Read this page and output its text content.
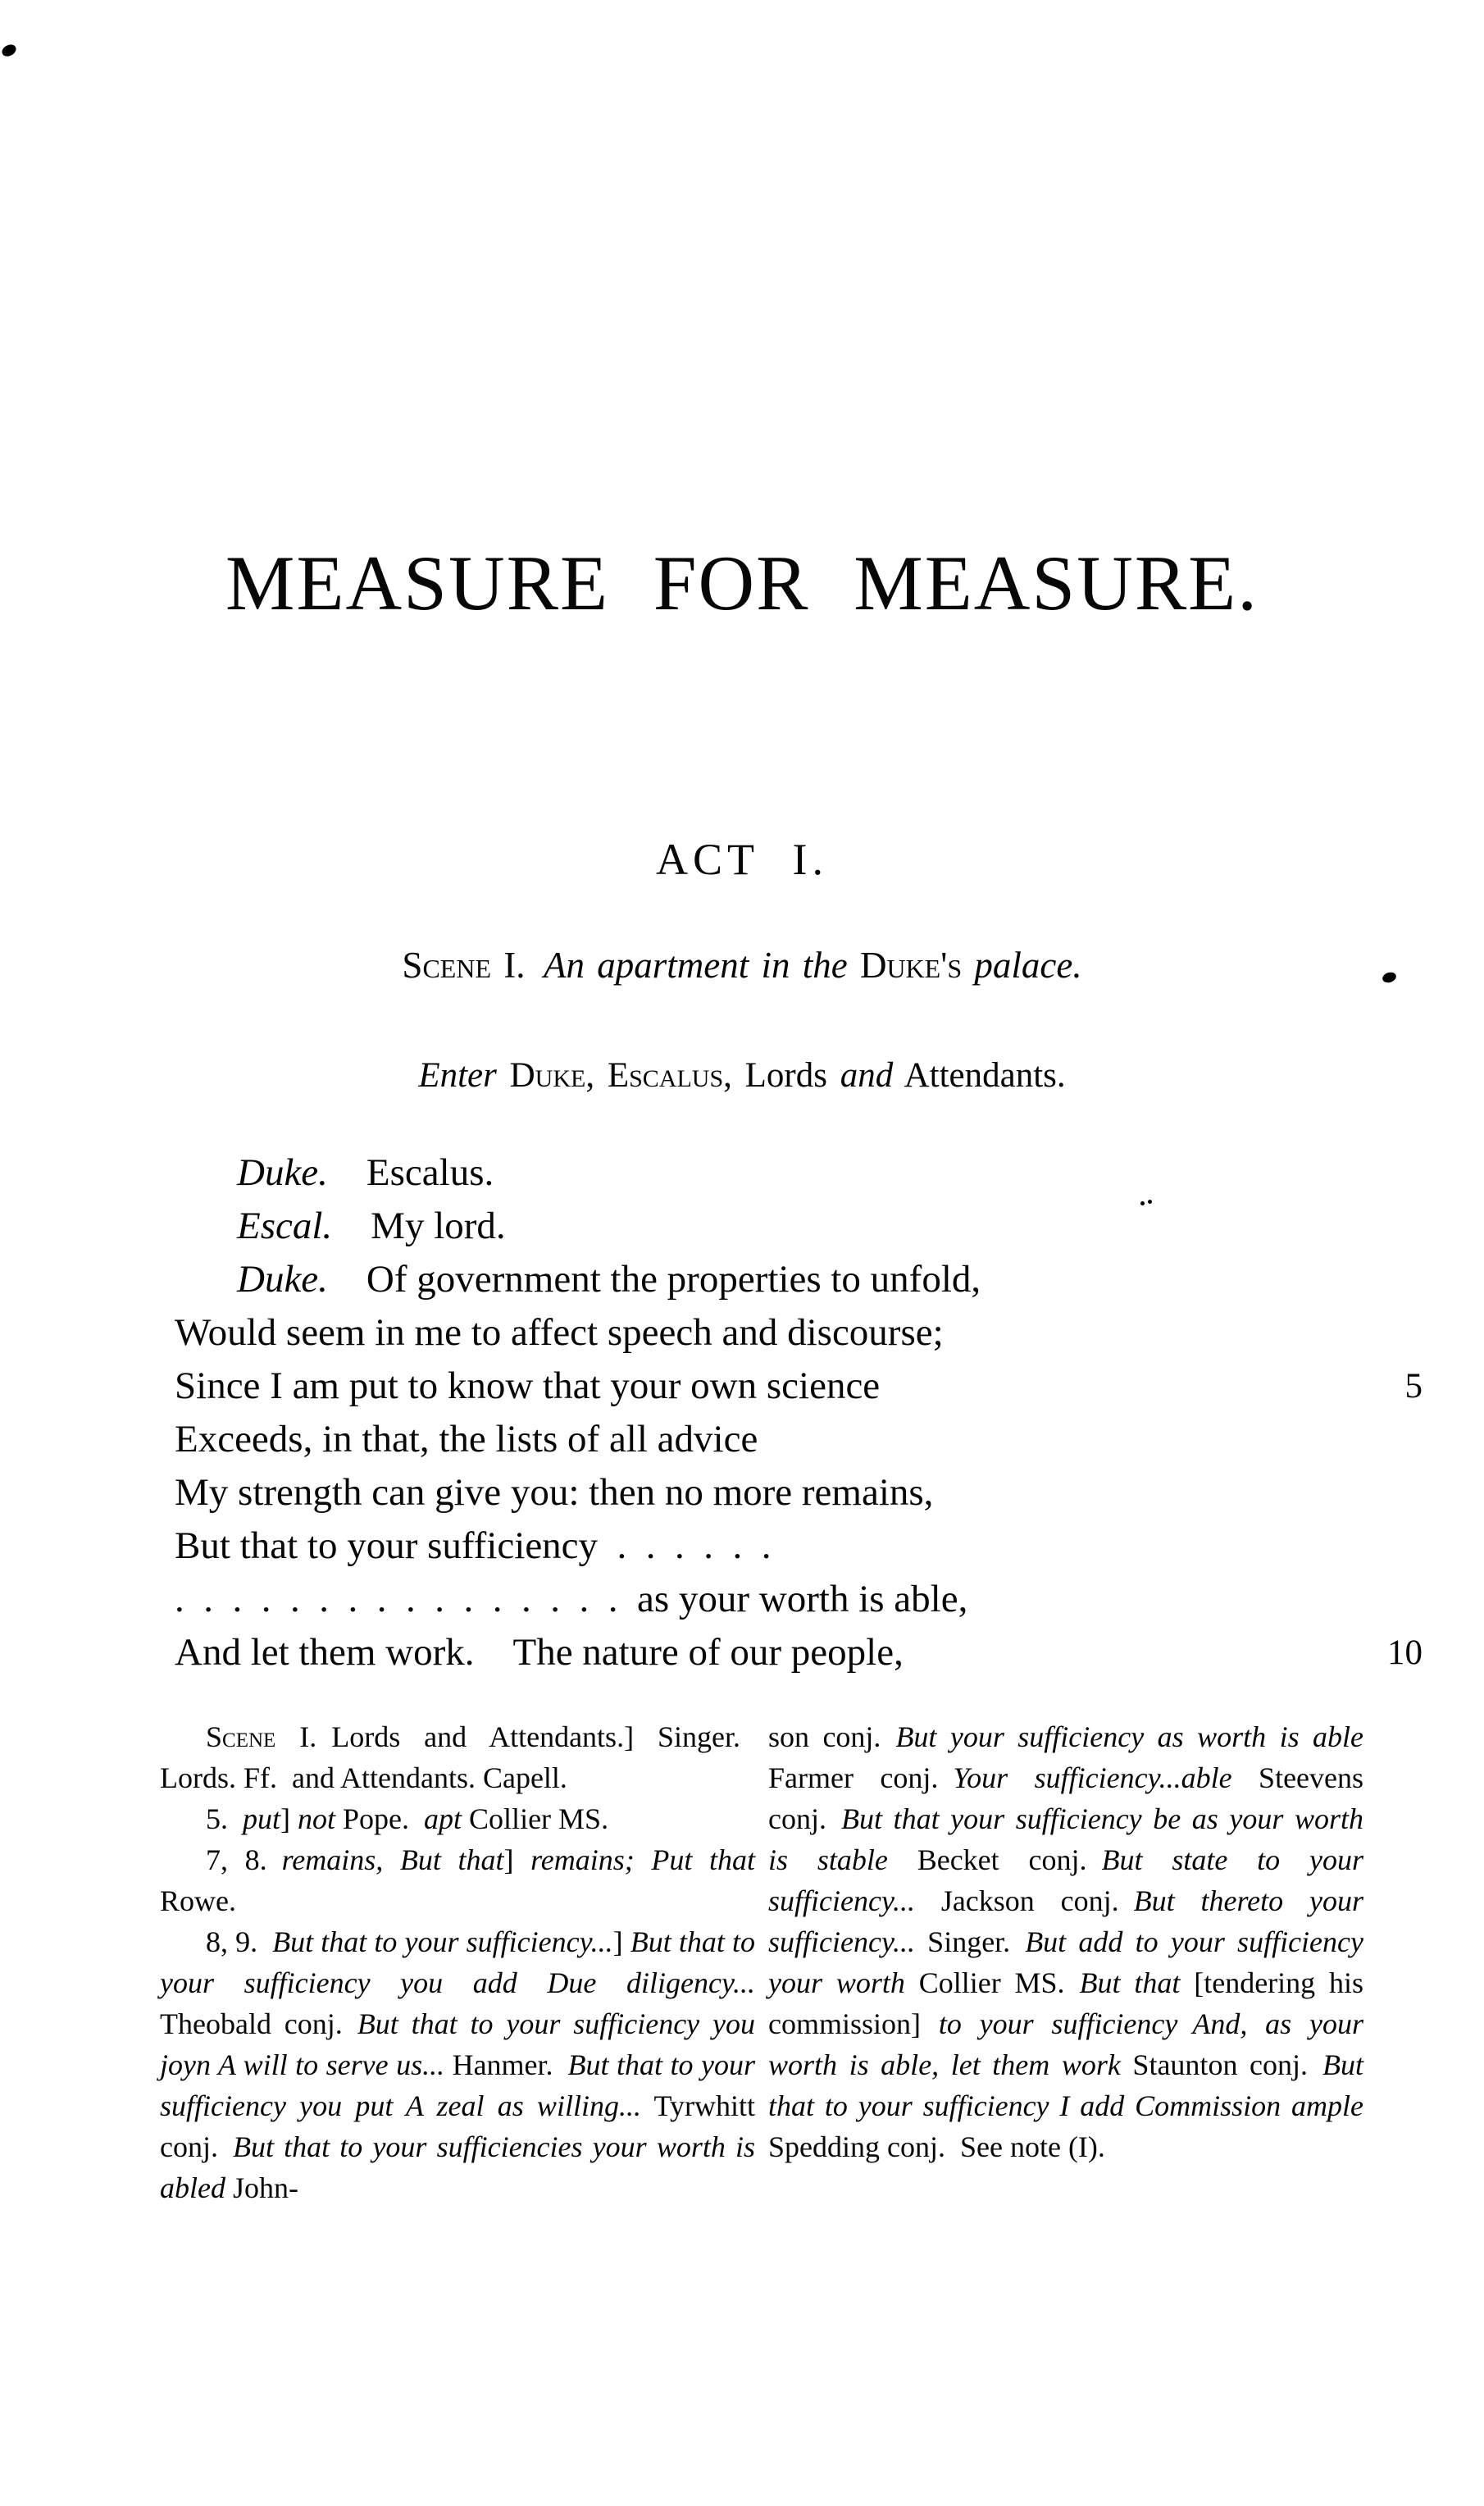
MEASURE FOR MEASURE.
ACT I.
Scene I.  An apartment in the Duke's palace.
Enter Duke, Escalus, Lords and Attendants.
Duke. Escalus.
Escal. My lord.
Duke. Of government the properties to unfold,
Would seem in me to affect speech and discourse;
Since I am put to know that your own science	5
Exceeds, in that, the lists of all advice
My strength can give you: then no more remains,
But that to your sufficiency . . . . . .
. . . . . . . . . . . . . . . . as your worth is able,
And let them work. The nature of our people,	10

Scene I. Lords and Attendants.] Singer. Lords. Ff. and Attendants. Capell.

5. put] not Pope. apt Collier MS.

7, 8. remains, But that] remains; Put that Rowe.

8, 9. But that to your sufficiency...] But that to your sufficiency you add Due diligency... Theobald conj. But that to your sufficiency you joyn A will to serve us... Hanmer. But that to your sufficiency you put A zeal as willing... Tyrwhitt conj. But that to your sufficiencies your worth is abled John-

son conj. But your sufficiency as worth is able Farmer conj. Your sufficiency...able Steevens conj. But that your sufficiency be as your worth is stable Becket conj. But state to your sufficiency... Jackson conj. But thereto your sufficiency... Singer. But add to your sufficiency your worth Collier MS. But that [tendering his commission] to your sufficiency And, as your worth is able, let them work Staunton conj. But that to your sufficiency I add Commission ample Spedding conj. See note (I).
